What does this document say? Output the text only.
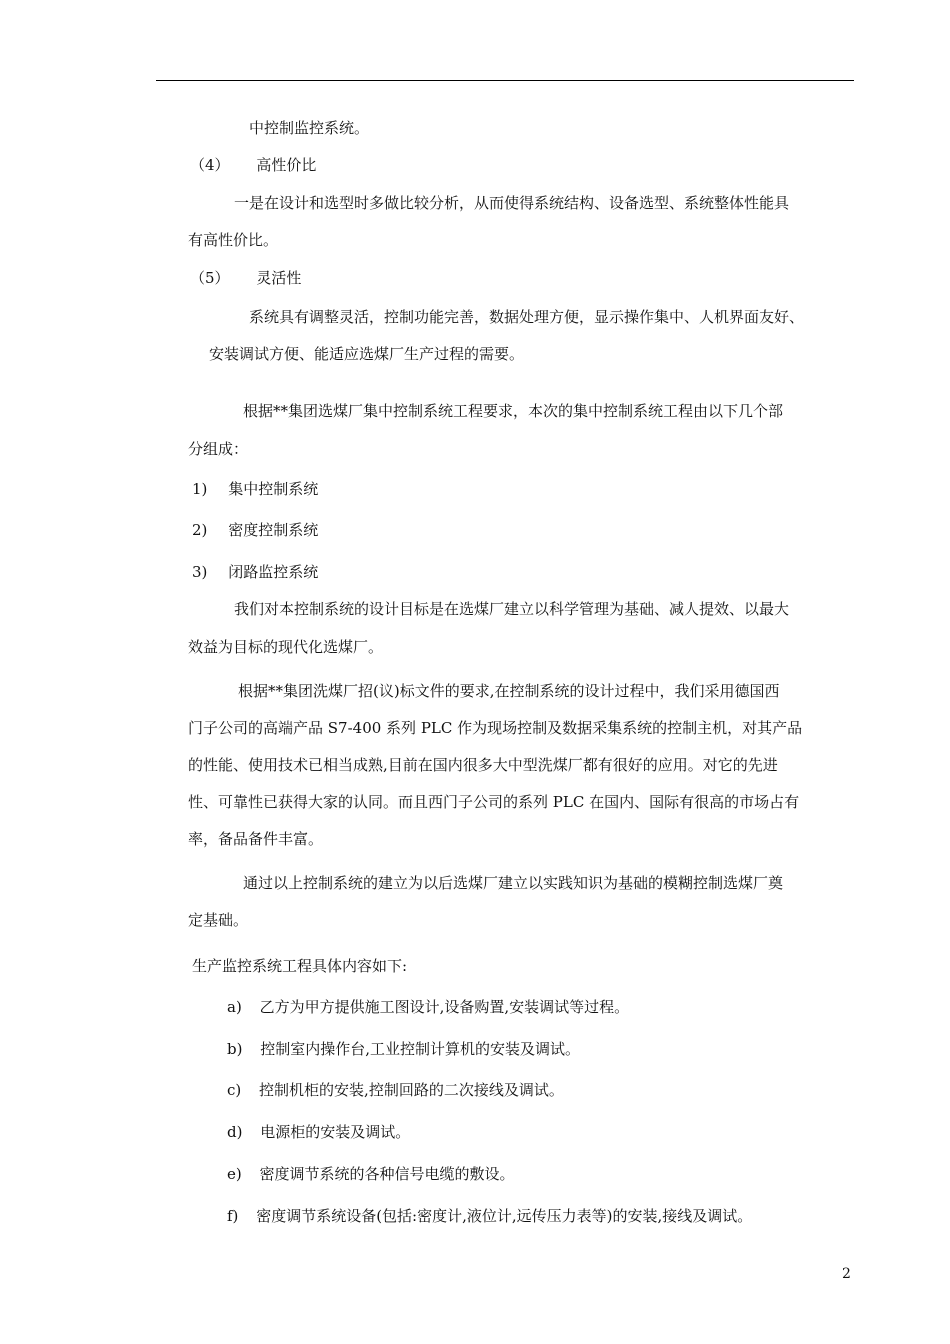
中控制监控系统。
（4） 高性价比
一是在设计和选型时多做比较分析，从而使得系统结构、设备选型、系统整体性能具
有高性价比。
（5） 灵活性
系统具有调整灵活，控制功能完善，数据处理方便，显示操作集中、人机界面友好、
安装调试方便、能适应选煤厂生产过程的需要。
根据**集团选煤厂集中控制系统工程要求，本次的集中控制系统工程由以下几个部
分组成：
1) 集中控制系统
2) 密度控制系统
3) 闭路监控系统
我们对本控制系统的设计目标是在选煤厂建立以科学管理为基础、减人提效、以最大
效益为目标的现代化选煤厂。
根据**集团洗煤厂招(议)标文件的要求,在控制系统的设计过程中，我们采用德国西
门子公司的高端产品 S7-400 系列 PLC 作为现场控制及数据采集系统的控制主机，对其产品
的性能、使用技术已相当成熟,目前在国内很多大中型洗煤厂都有很好的应用。对它的先进
性、可靠性已获得大家的认同。而且西门子公司的系列 PLC 在国内、国际有很高的市场占有
率，备品备件丰富。
通过以上控制系统的建立为以后选煤厂建立以实践知识为基础的模糊控制选煤厂奠
定基础。
生产监控系统工程具体内容如下:
a) 乙方为甲方提供施工图设计,设备购置,安装调试等过程。
b) 控制室内操作台,工业控制计算机的安装及调试。
c) 控制机柜的安装,控制回路的二次接线及调试。
d) 电源柜的安装及调试。
e) 密度调节系统的各种信号电缆的敷设。
f) 密度调节系统设备(包括:密度计,液位计,远传压力表等)的安装,接线及调试。
2
